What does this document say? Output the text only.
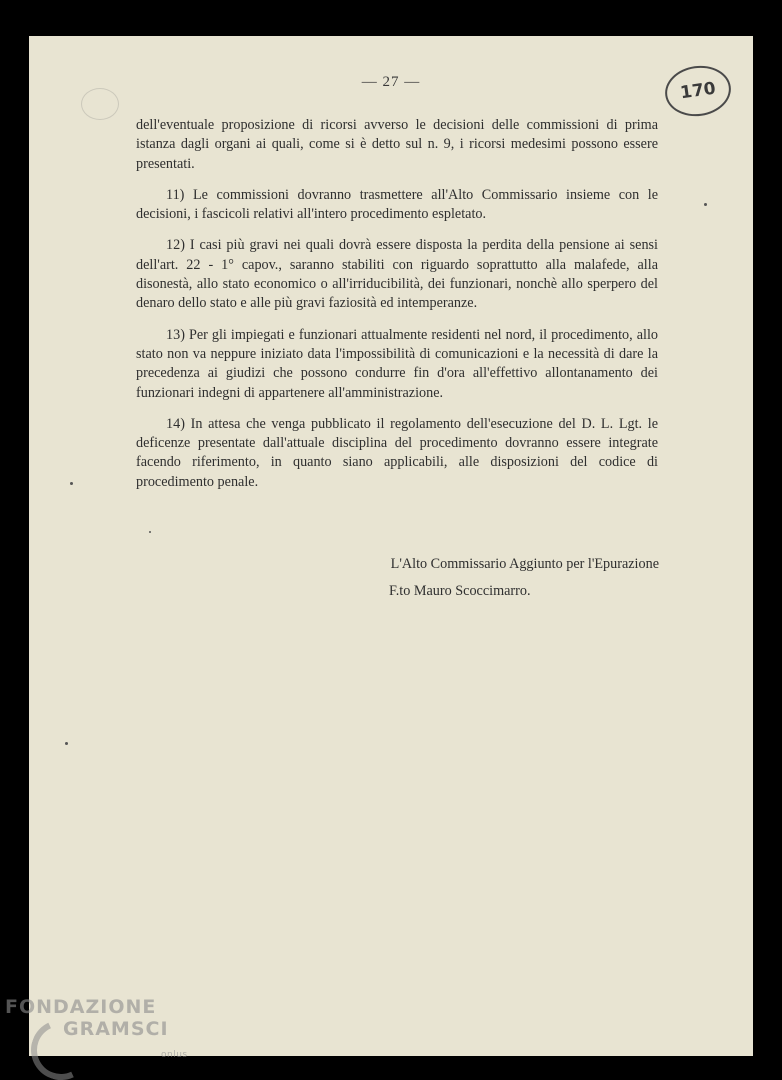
— 27 —	170

dell'eventuale proposizione di ricorsi avverso le decisioni delle commissioni di prima istanza dagli organi ai quali, come si è detto sul n. 9, i ricorsi medesimi possono essere presentati.

11) Le commissioni dovranno trasmettere all'Alto Commissario insieme con le decisioni, i fascicoli relativi all'intero procedimento espletato.

12) I casi più gravi nei quali dovrà essere disposta la perdita della pensione ai sensi dell'art. 22 - 1° capov., saranno stabiliti con riguardo soprattutto alla malafede, alla disonestà, allo stato economico o all'irriducibilità, dei funzionari, nonchè allo sperpero del denaro dello stato e alle più gravi faziosità ed intemperanze.

13) Per gli impiegati e funzionari attualmente residenti nel nord, il procedimento, allo stato non va neppure iniziato data l'impossibilità di comunicazioni e la necessità di dare la precedenza ai giudizi che possono condurre fin d'ora all'effettivo allontanamento dei funzionari indegni di appartenere all'amministrazione.

14) In attesa che venga pubblicato il regolamento dell'esecuzione del D. L. Lgt. le deficenze presentate dall'attuale disciplina del procedimento dovranno essere integrate facendo riferimento, in quanto siano applicabili, alle disposizioni del codice di procedimento penale.

L'Alto Commissario Aggiunto per l'Epurazione

F.to Mauro Scoccimarro.

FONDAZIONE
GRAMSCI
onlus
